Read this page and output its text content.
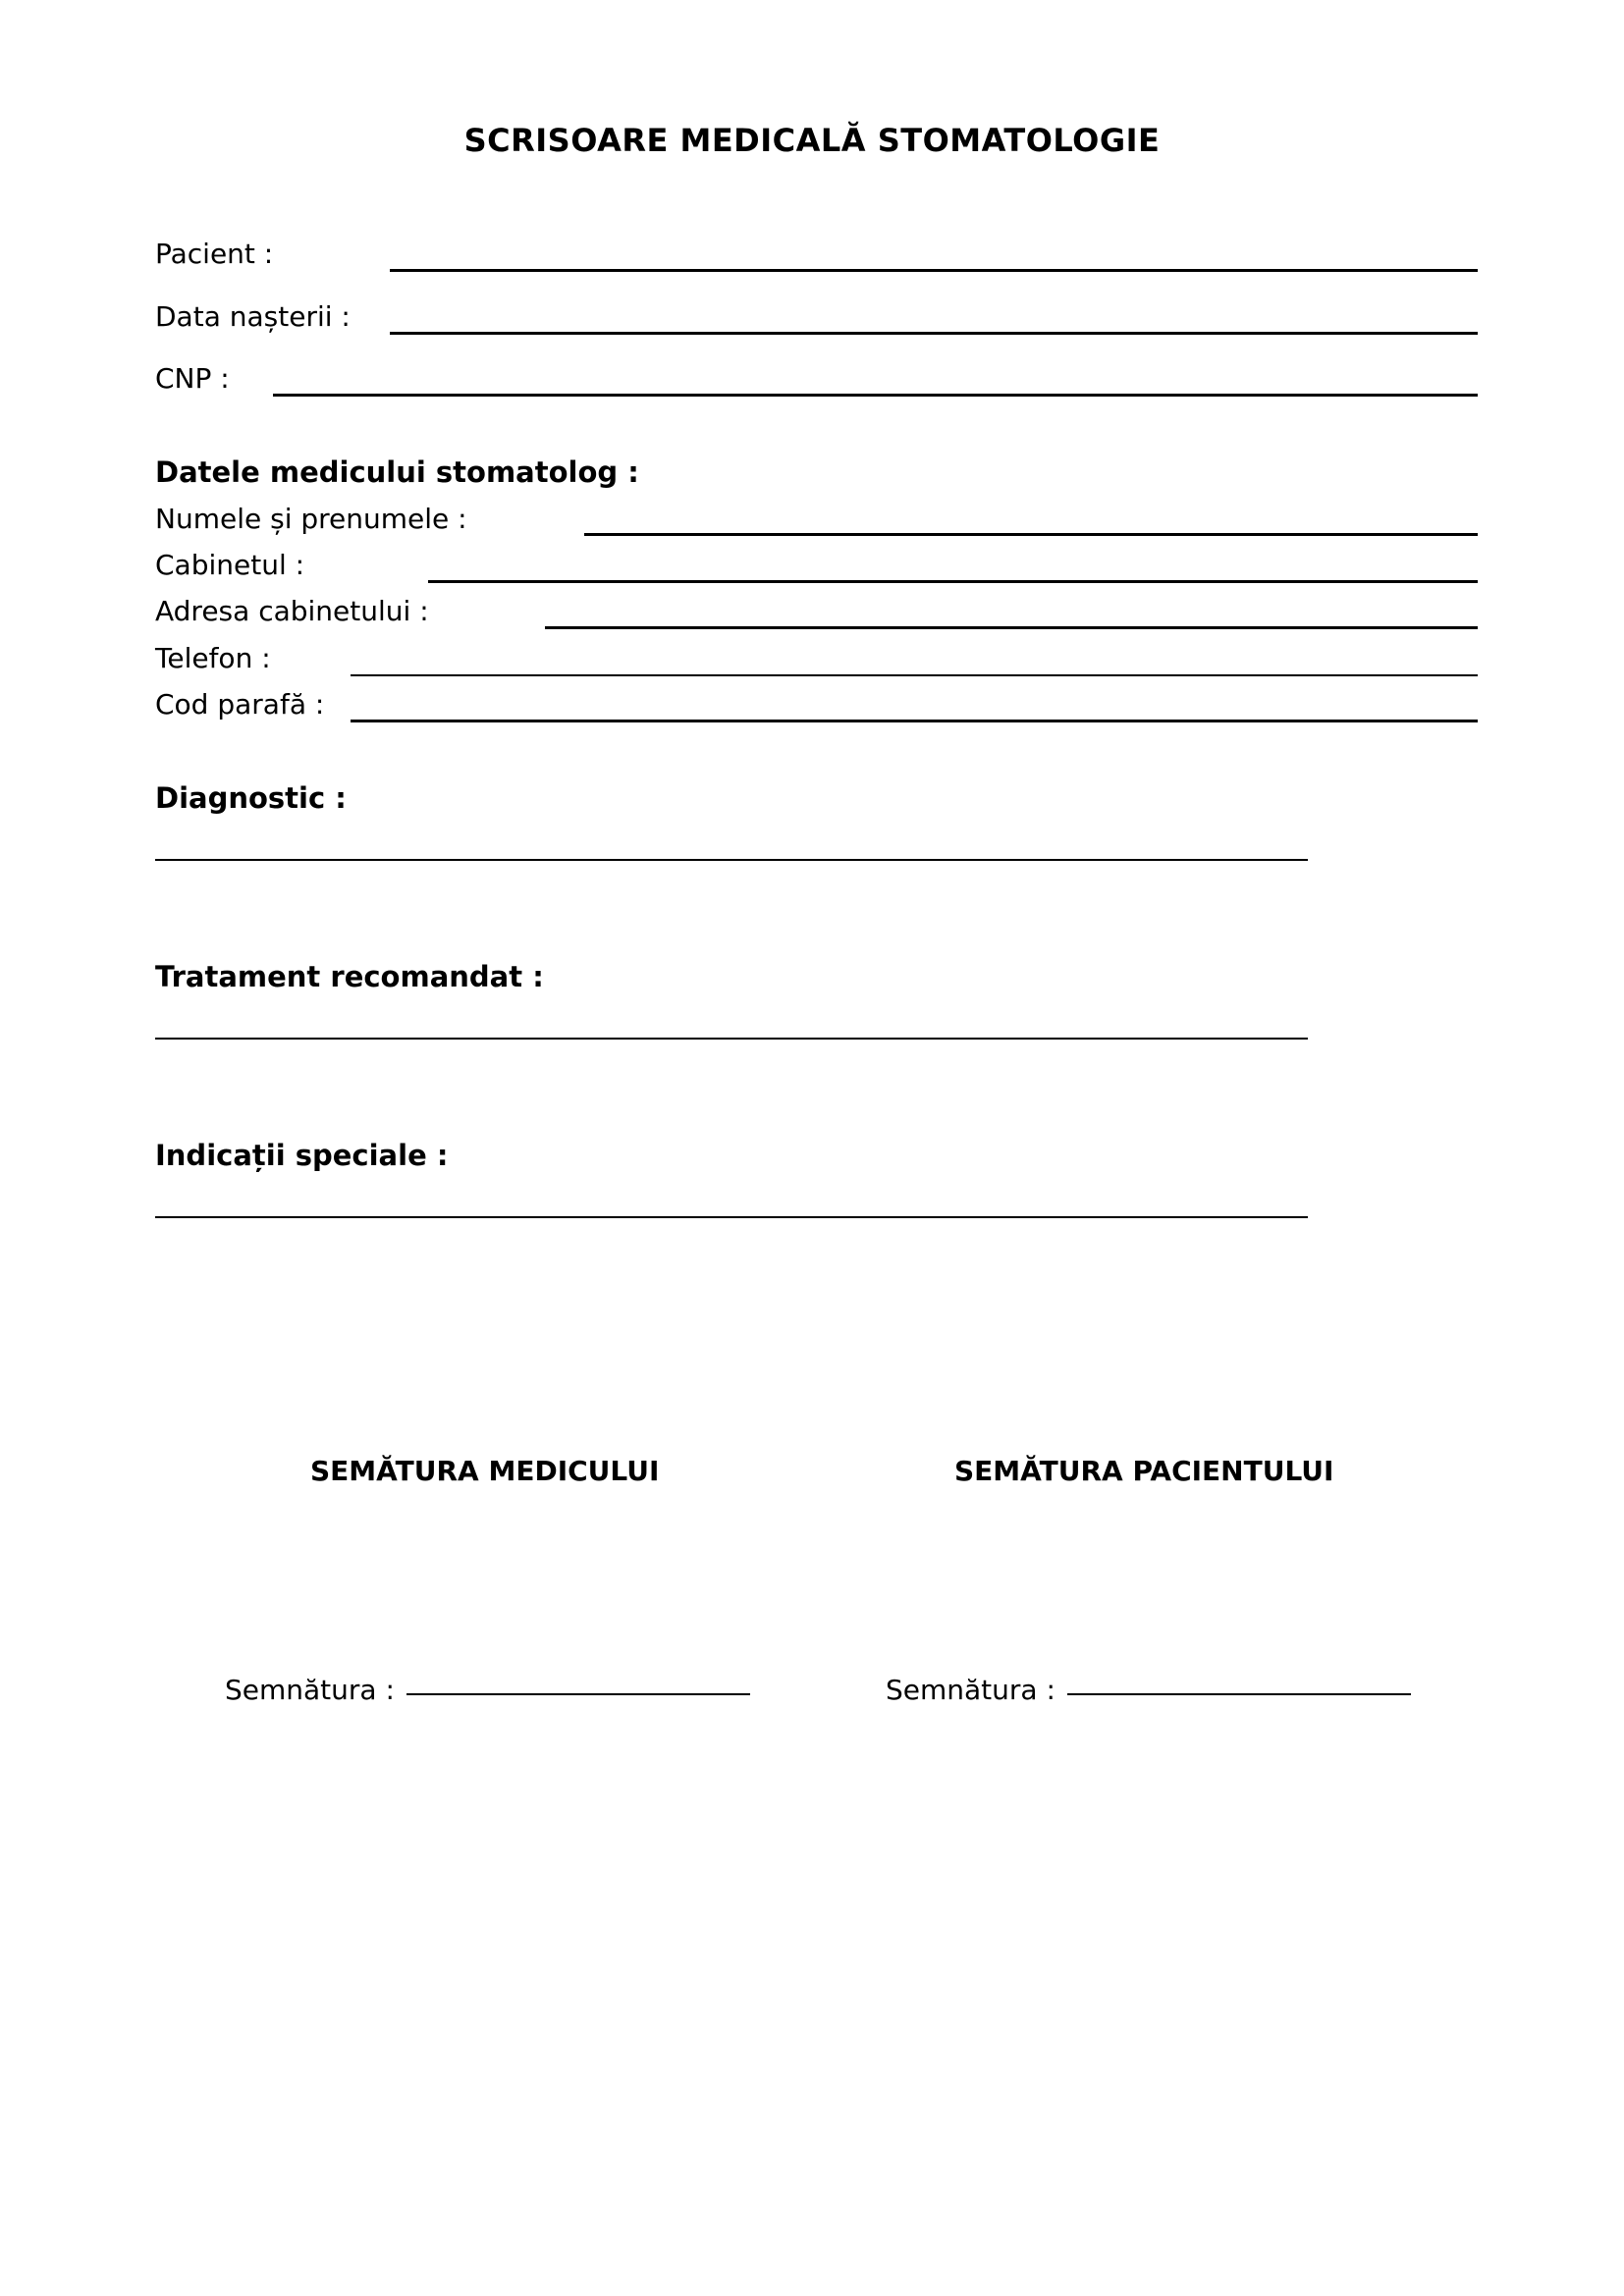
SCRISOARE MEDICALĂ STOMATOLOGIE
Pacient :
Data nașterii :
CNP :
Datele medicului stomatolog :
Numele și prenumele :
Cabinetul :
Adresa cabinetului :
Telefon :
Cod parafă :
Diagnostic :
Tratament recomandat :
Indicații speciale :
SEMĂTURA MEDICULUI	SEMĂTURA PACIENTULUI
Semnătura :	Semnătura :
